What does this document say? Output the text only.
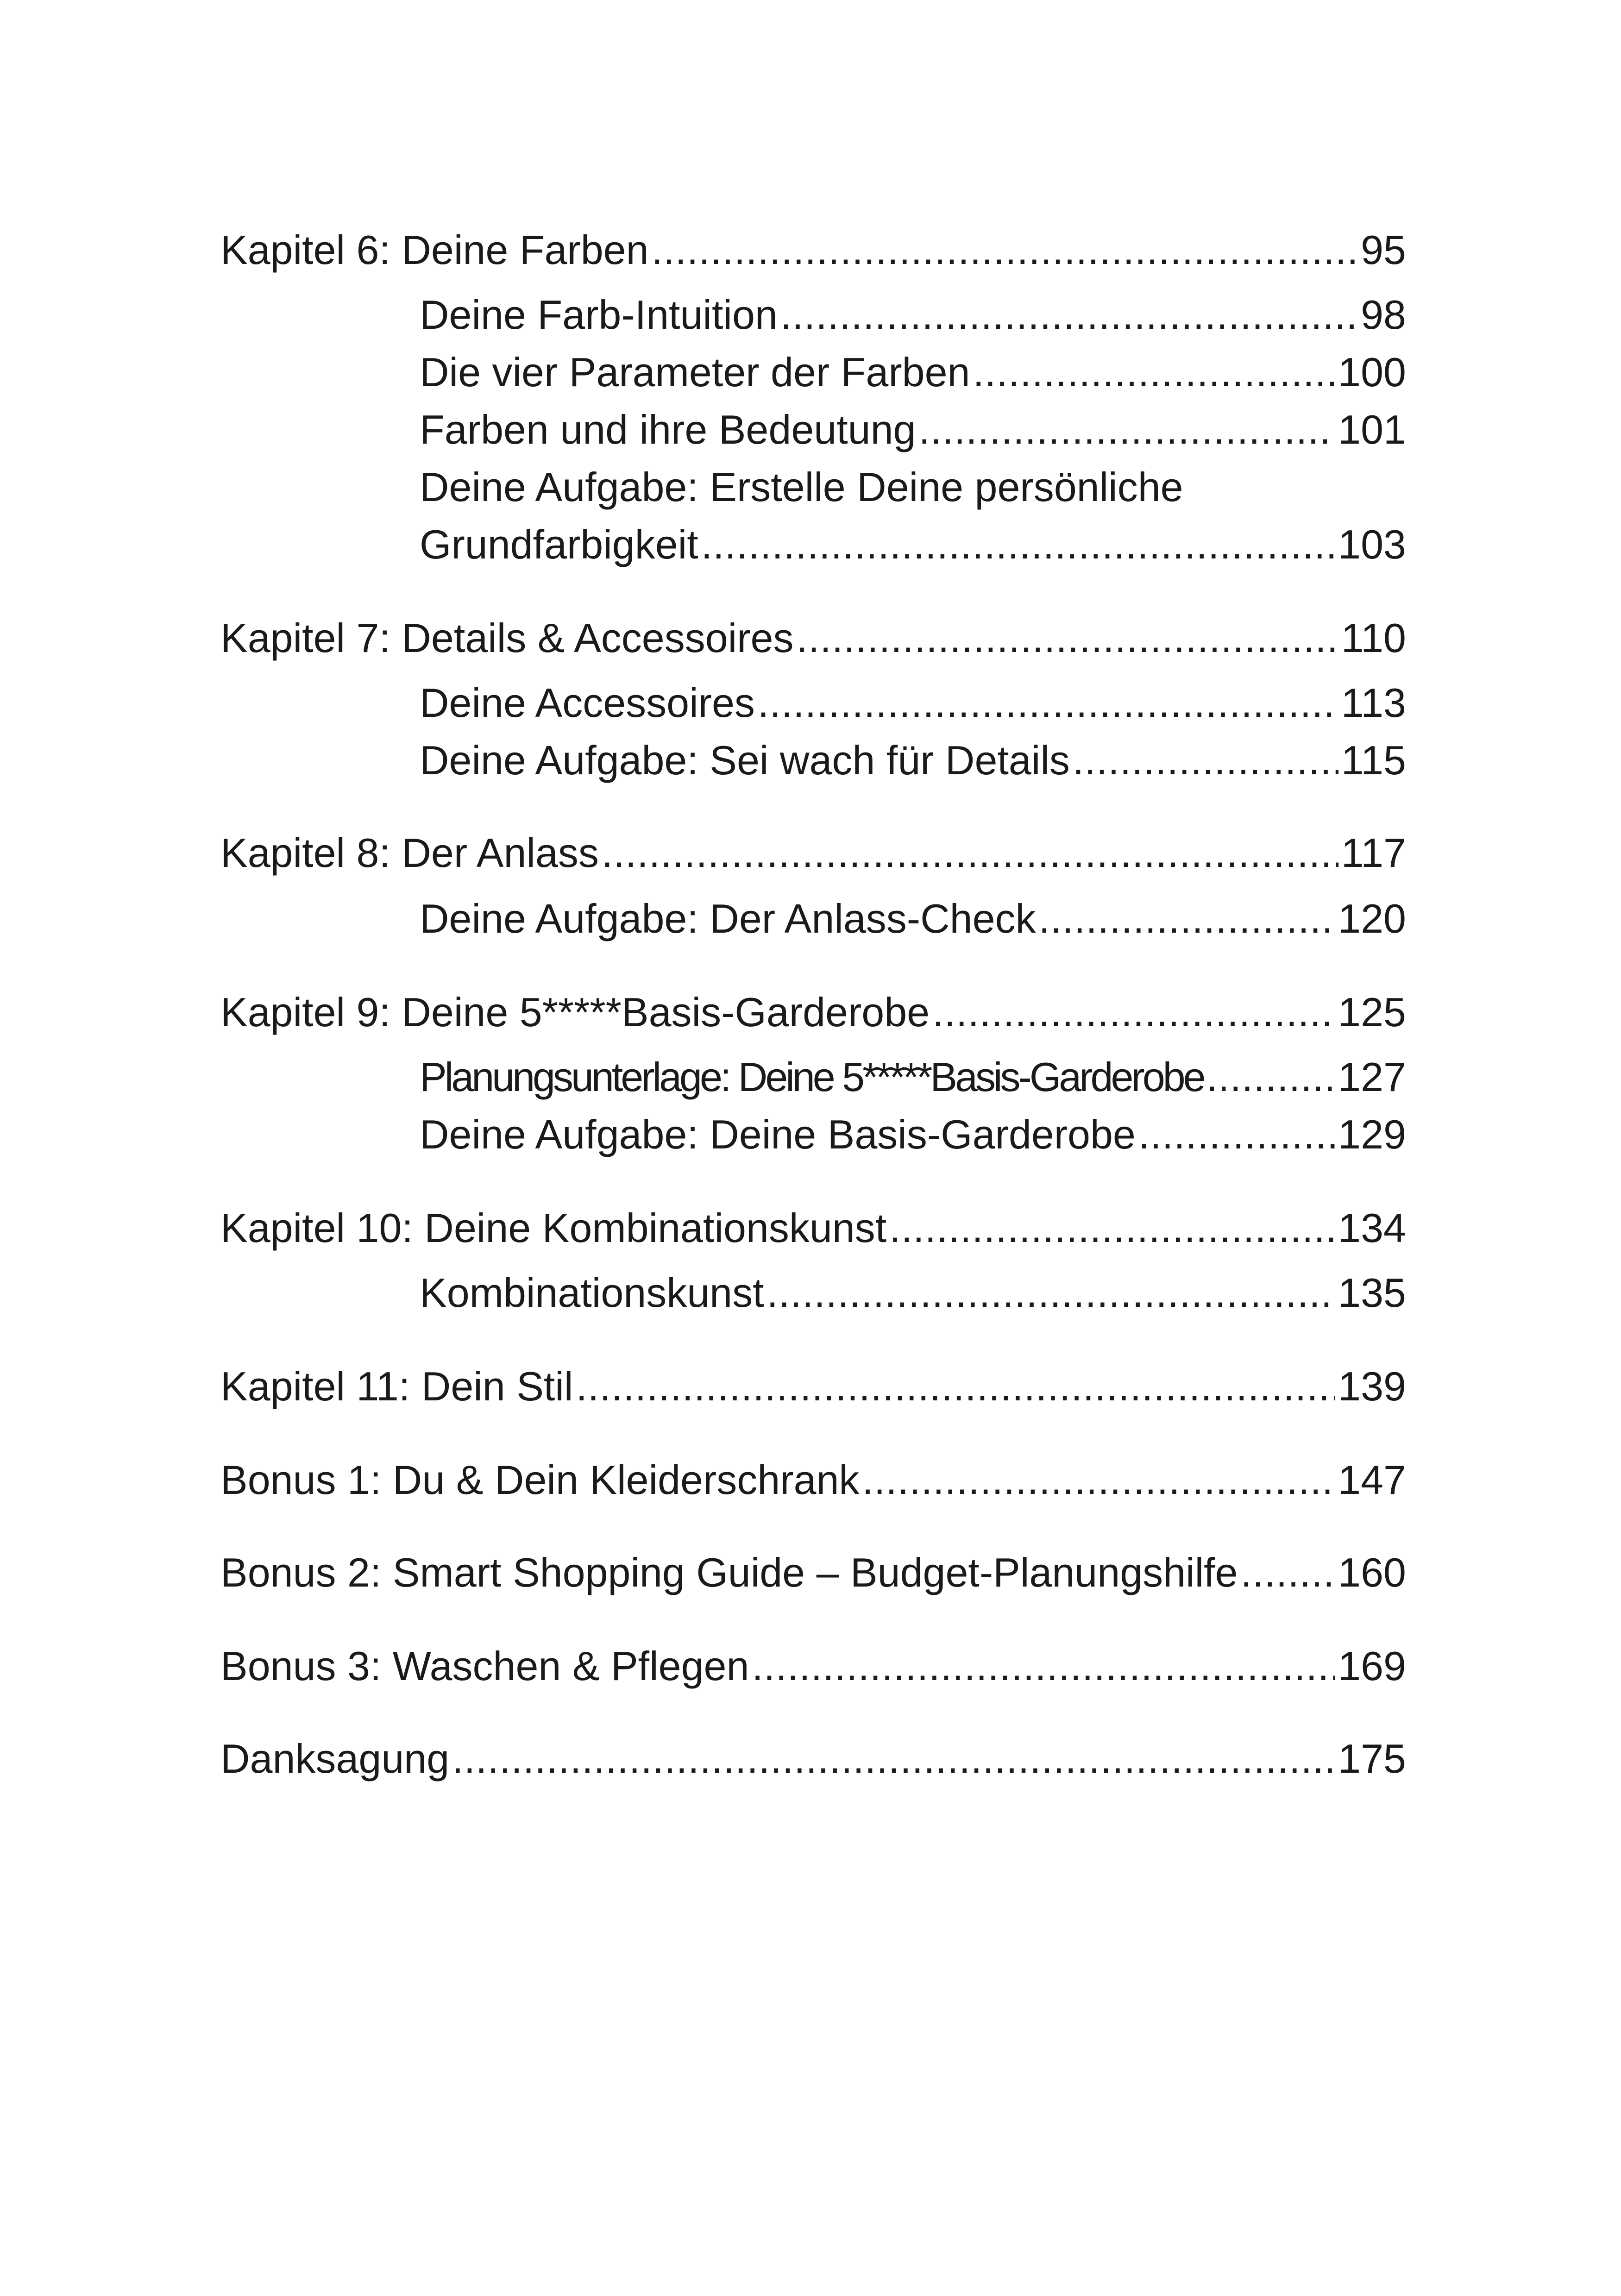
Kapitel 6: Deine Farben .....	95
Deine Farb-Intuition .....	98
Die vier Parameter der Farben .....	100
Farben und ihre Bedeutung .....	101
Deine Aufgabe: Erstelle Deine persönliche
Grundfarbigkeit .....	103
Kapitel 7: Details & Accessoires .....	110
Deine Accessoires .....	113
Deine Aufgabe: Sei wach für Details .....	115
Kapitel 8: Der Anlass .....	117
Deine Aufgabe: Der Anlass-Check .....	120
Kapitel 9: Deine 5*****Basis-Garderobe .....	125
Planungsunterlage: Deine 5*****Basis-Garderobe .....	127
Deine Aufgabe: Deine Basis-Garderobe .....	129
Kapitel 10: Deine Kombinationskunst .....	134
Kombinationskunst .....	135
Kapitel 11: Dein Stil .....	139
Bonus 1: Du & Dein Kleiderschrank .....	147
Bonus 2: Smart Shopping Guide – Budget-Planungshilfe ..... 160
Bonus 3: Waschen & Pflegen .....	169
Danksagung .....	175
